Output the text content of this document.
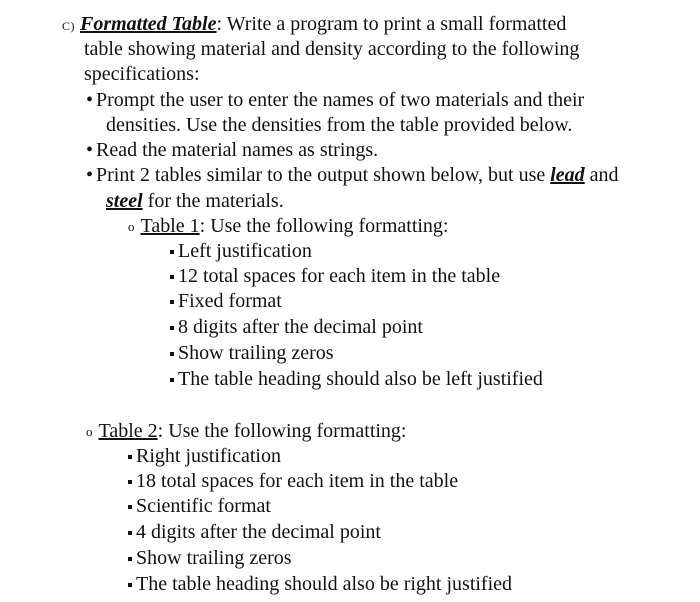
C) Formatted Table: Write a program to print a small formatted
table showing material and density according to the following
specifications:
• Prompt the user to enter the names of two materials and their
densities. Use the densities from the table provided below.
• Read the material names as strings.
• Print 2 tables similar to the output shown below, but use lead and
steel for the materials.
o Table 1: Use the following formatting:
Left justification
12 total spaces for each item in the table
Fixed format
8 digits after the decimal point
Show trailing zeros
The table heading should also be left justified
o Table 2: Use the following formatting:
Right justification
18 total spaces for each item in the table
Scientific format
4 digits after the decimal point
Show trailing zeros
The table heading should also be right justified
